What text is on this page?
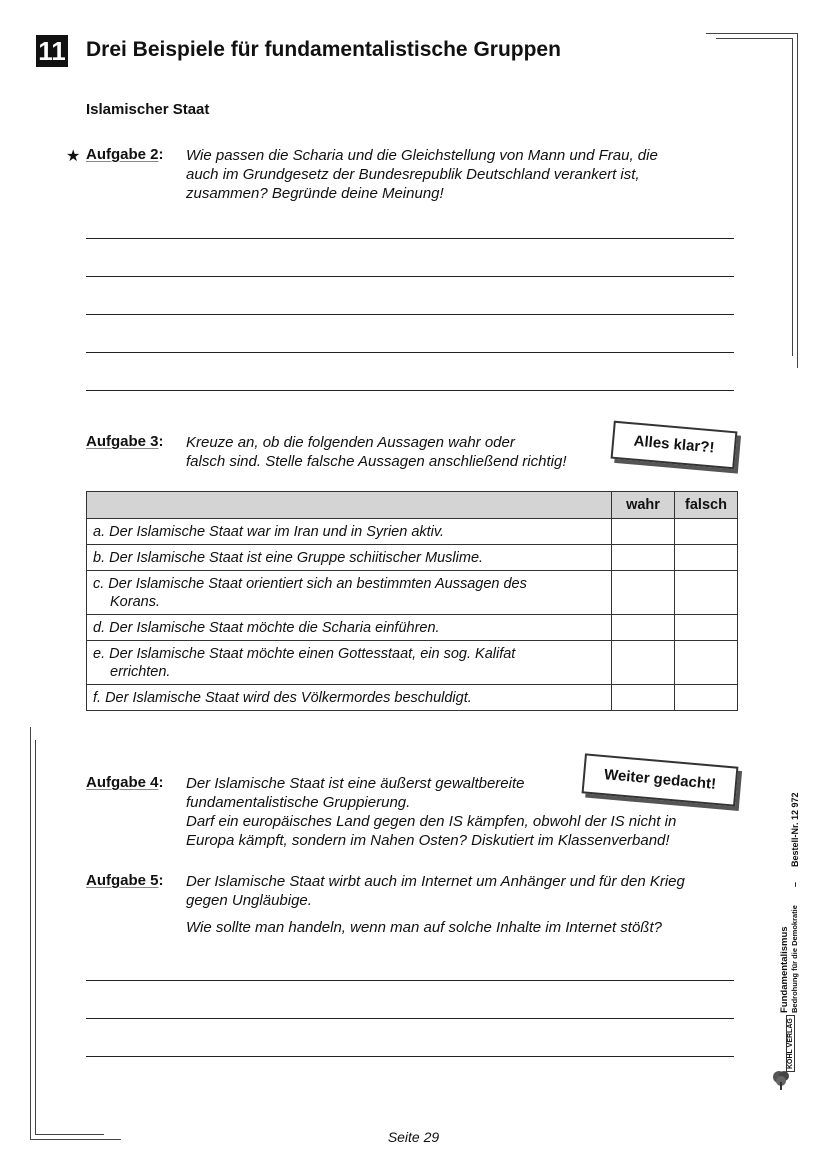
11 Drei Beispiele für fundamentalistische Gruppen
Islamischer Staat
★ Aufgabe 2: Wie passen die Scharia und die Gleichstellung von Mann und Frau, die
auch im Grundgesetz der Bundesrepublik Deutschland verankert ist,
zusammen? Begründe deine Meinung!
Aufgabe 3: Kreuze an, ob die folgenden Aussagen wahr oder
falsch sind. Stelle falsche Aussagen anschließend richtig!
Alles klar?!
	wahr	falsch
a. Der Islamische Staat war im Iran und in Syrien aktiv.		
b. Der Islamische Staat ist eine Gruppe schiitischer Muslime.		
c. Der Islamische Staat orientiert sich an bestimmten Aussagen des
Korans.		

d. Der Islamische Staat möchte die Scharia einführen.		
e. Der Islamische Staat möchte einen Gottesstaat, ein sog. Kalifat
errichten.		

f. Der Islamische Staat wird des Völkermordes beschuldigt.		
Aufgabe 4: Der Islamische Staat ist eine äußerst gewaltbereite
fundamentalistische Gruppierung.
Darf ein europäisches Land gegen den IS kämpfen, obwohl der IS nicht in
Europa kämpft, sondern im Nahen Osten? Diskutiert im Klassenverband!
Weiter gedacht!
Aufgabe 5: Der Islamische Staat wirbt auch im Internet um Anhänger und für den Krieg
gegen Ungläubige.
Wie sollte man handeln, wenn man auf solche Inhalte im Internet stößt?
Bestell-Nr. 12 972
–
Fundamentalismus Bedrohung für die Demokratie
KOHL VERLAG
Seite 29
